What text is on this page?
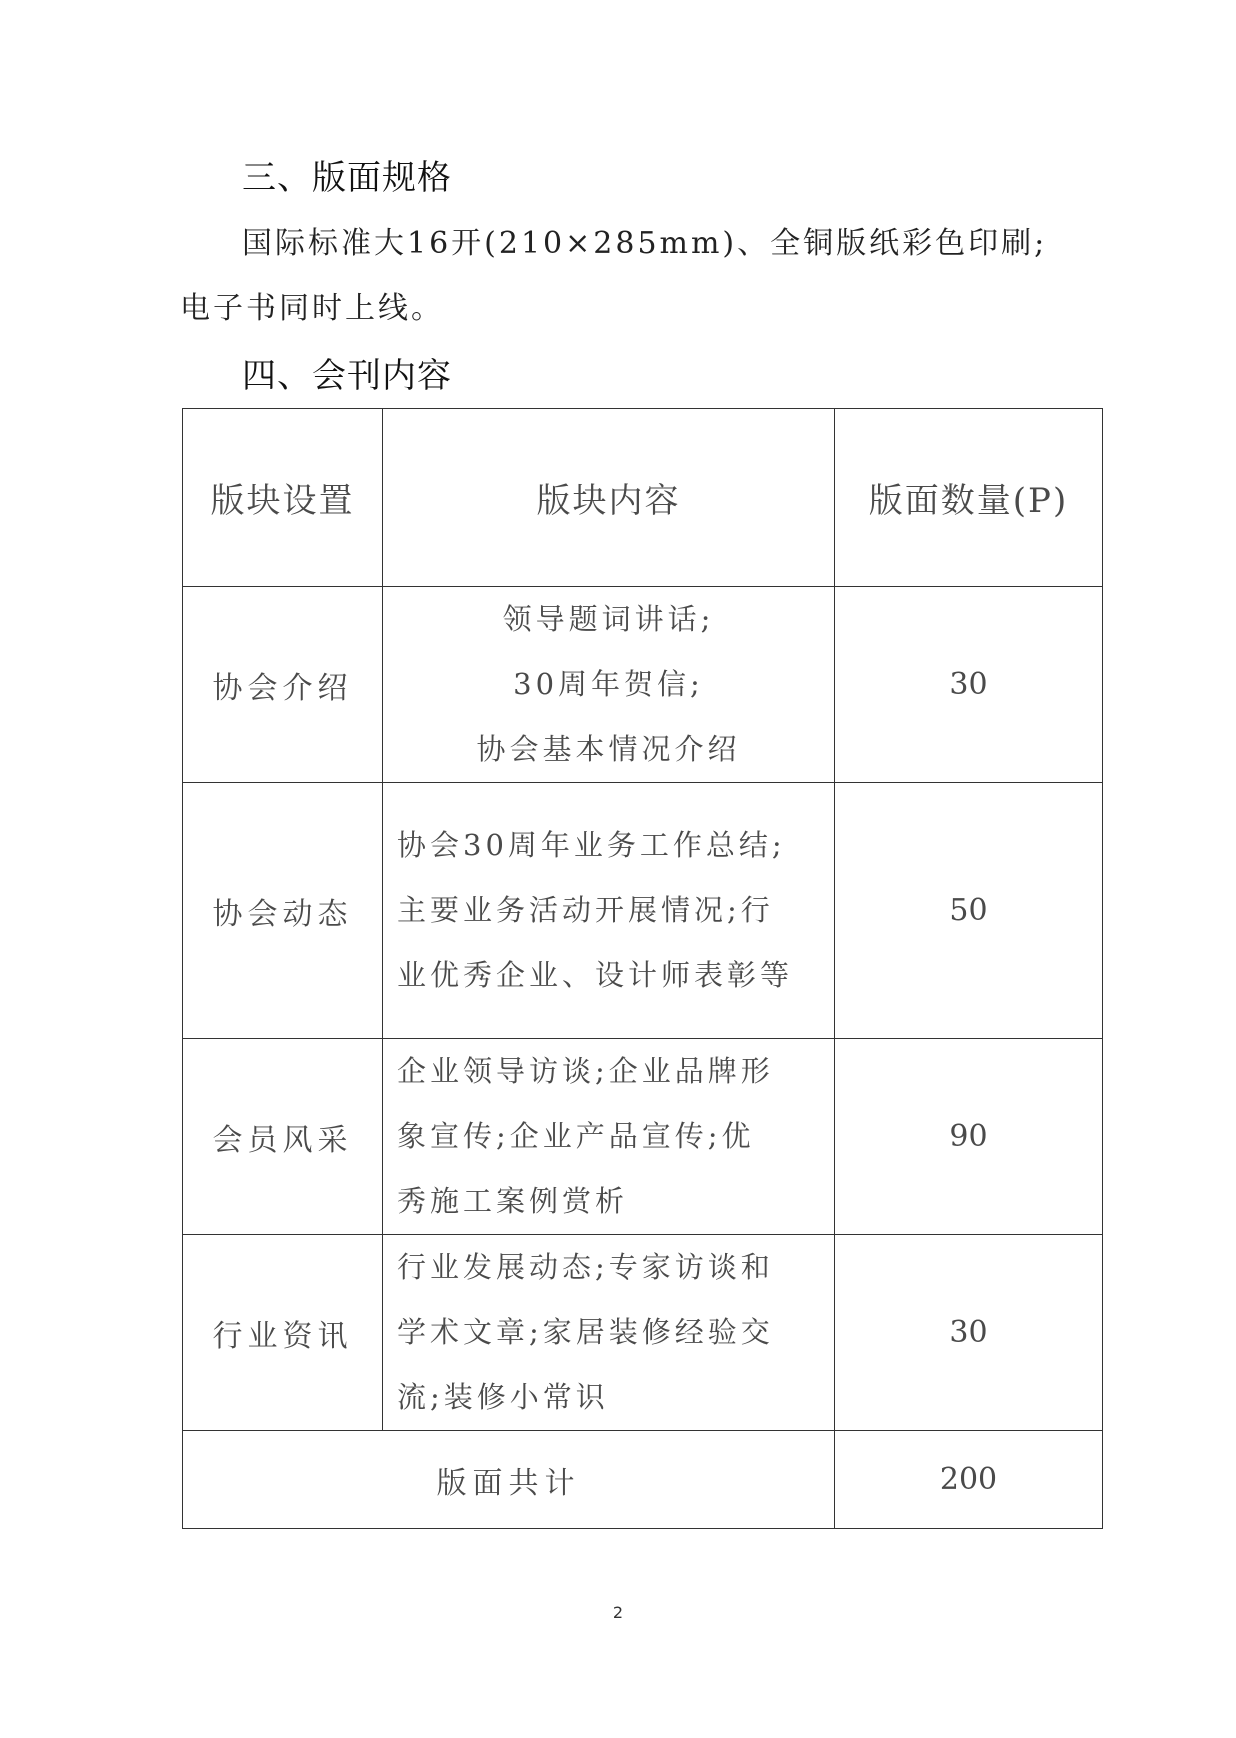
三、版面规格
国际标准大16开(210×285mm)、全铜版纸彩色印刷;
电子书同时上线。
四、会刊内容
版块设置	版块内容	版面数量(P)
协会介绍	领导题词讲话;
30周年贺信;
协会基本情况介绍	30
协会动态	协会30周年业务工作总结;
主要业务活动开展情况;行
业优秀企业、设计师表彰等	50
会员风采	企业领导访谈;企业品牌形
象宣传;企业产品宣传;优
秀施工案例赏析	90
行业资讯	行业发展动态;专家访谈和
学术文章;家居装修经验交
流;装修小常识	30
版面共计		200
2
